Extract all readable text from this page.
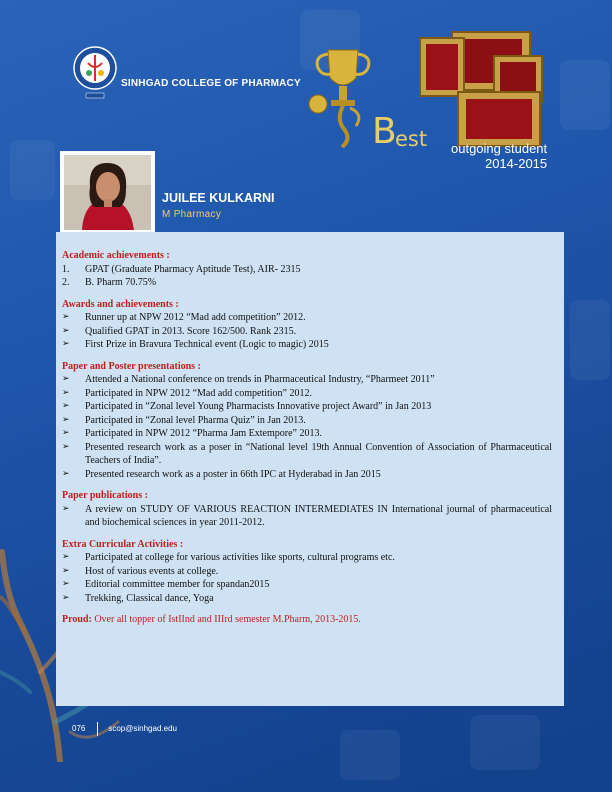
SINHGAD COLLEGE OF PHARMACY
B
est outgoing student
2014-2015
JUILEE KULKARNI
M Pharmacy

Academic achievements :

1.	GPAT (Graduate Pharmacy Aptitude Test), AIR- 2315
2.	B. Pharm 70.75%

Awards and achievements :

➢	Runner up at NPW 2012 “Mad add competition” 2012.
➢	Qualified GPAT in 2013. Score 162/500. Rank 2315.
➢	First Prize in Bravura Technical event (Logic to magic) 2015

Paper and Poster presentations :

➢	Attended a National conference on trends in Pharmaceutical Industry, “Pharmeet 2011”
➢	Participated in NPW 2012 “Mad add competition” 2012.
➢	Participated in “Zonal level Young Pharmacists Innovative project Award” in Jan 2013
➢	Participated in “Zonal level Pharma Quiz” in Jan 2013.
➢	Participated in NPW 2012 “Pharma Jam Extempore” 2013.
➢	Presented research work as a poser in “National level 19th Annual Convention of Association of Pharmaceutical Teachers of India”.
➢	Presented research work as a poster in 66th IPC at Hyderabad in Jan 2015

Paper publications :

➢	A review on STUDY OF VARIOUS REACTION INTERMEDIATES IN International journal of pharmaceutical and biochemical sciences in year 2011-2012.

Extra Curricular Activities :

➢	Participated at college for various activities like sports, cultural programs etc.
➢	Host of various events at college.
➢	Editorial committee member for spandan2015
➢	Trekking, Classical dance, Yoga
Proud: Over all topper of IstIInd and IIIrd semester M.Pharm, 2013-2015.
076	scop@sinhgad.edu
